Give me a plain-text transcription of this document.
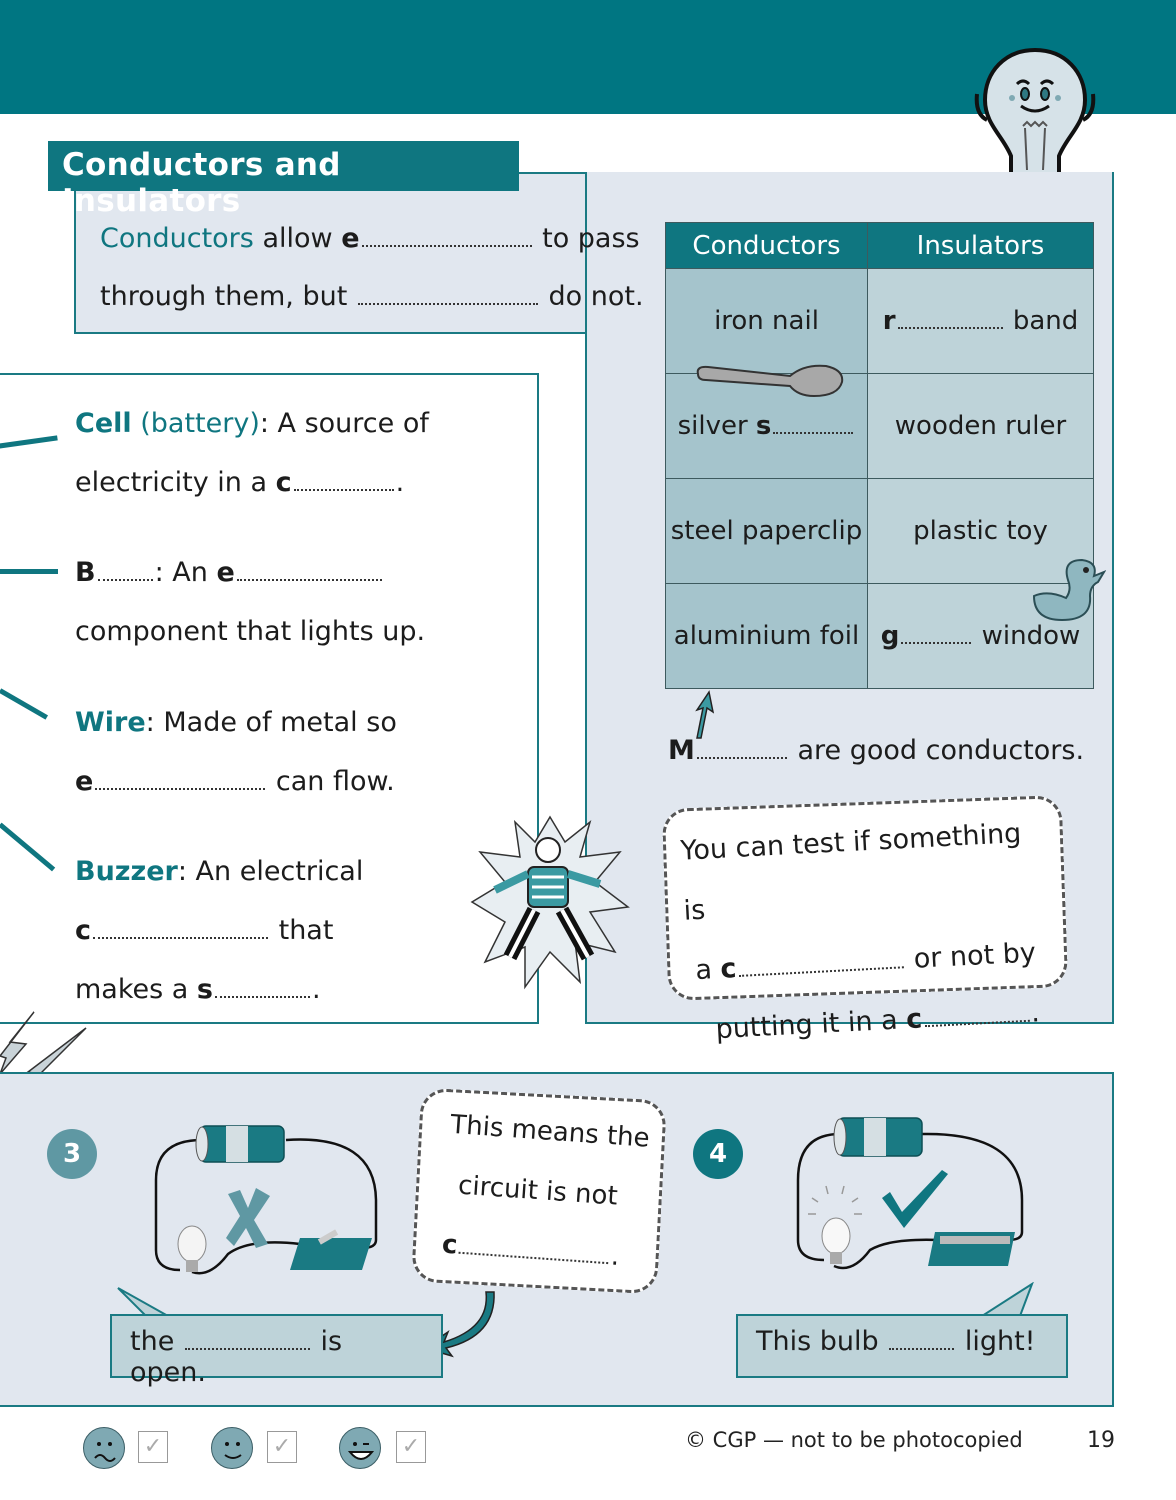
Conductors and Insulators
Conductors allow e	to pass
through them, but	do not.
Conductors	Insulators
iron nail	r band
silver s	wooden ruler
steel paperclip	plastic toy
aluminium foil	g window
M	are good conductors.
You can test if something is
a c	or not by
putting it in a c	.
Cell (battery): A source of
electricity in a c	.
B : An e
component that lights up.
Wire: Made of metal so
e	can flow.
Buzzer: An electrical
c	that
makes a s	.
3
This means the
circuit is not
c	.
the	is open.
4
This bulb	light!
✓	✓	✓	© CGP — not to be photocopied	19
